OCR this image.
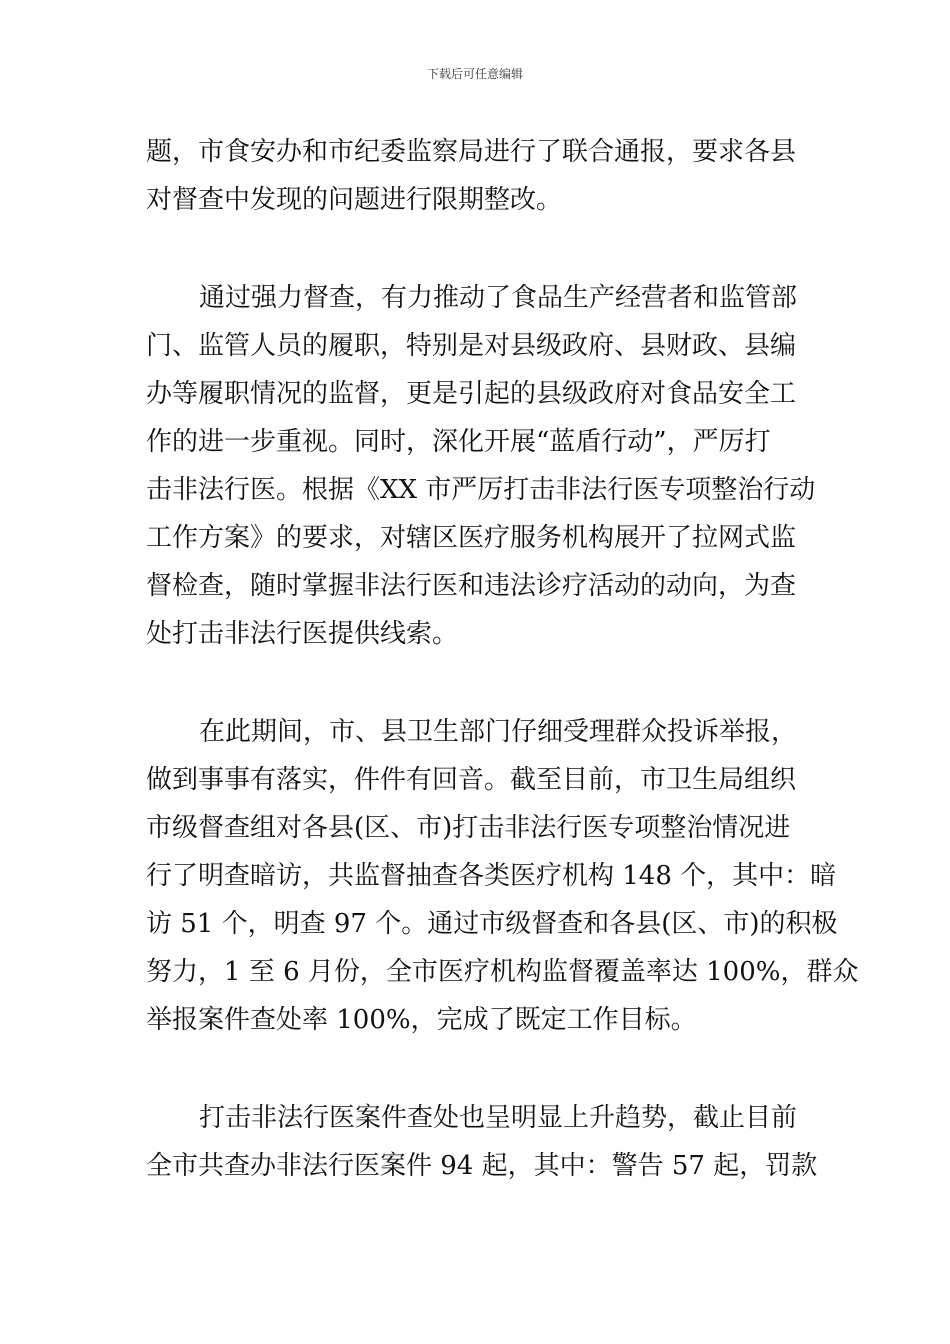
下载后可任意编辑

题，市食安办和市纪委监察局进行了联合通报，要求各县
对督查中发现的问题进行限期整改。

通过强力督查，有力推动了食品生产经营者和监管部
门、监管人员的履职，特别是对县级政府、县财政、县编
办等履职情况的监督，更是引起的县级政府对食品安全工
作的进一步重视。同时，深化开展“蓝盾行动”，严厉打
击非法行医。根据《XX 市严厉打击非法行医专项整治行动
工作方案》的要求，对辖区医疗服务机构展开了拉网式监
督检查，随时掌握非法行医和违法诊疗活动的动向，为查
处打击非法行医提供线索。

在此期间，市、县卫生部门仔细受理群众投诉举报，
做到事事有落实，件件有回音。截至目前，市卫生局组织
市级督查组对各县(区、市)打击非法行医专项整治情况进
行了明查暗访，共监督抽查各类医疗机构 148 个，其中：暗
访 51 个，明查 97 个。通过市级督查和各县(区、市)的积极
努力，1 至 6 月份，全市医疗机构监督覆盖率达 100%，群众
举报案件查处率 100%，完成了既定工作目标。

打击非法行医案件查处也呈明显上升趋势，截止目前
全市共查办非法行医案件 94 起，其中：警告 57 起，罚款
